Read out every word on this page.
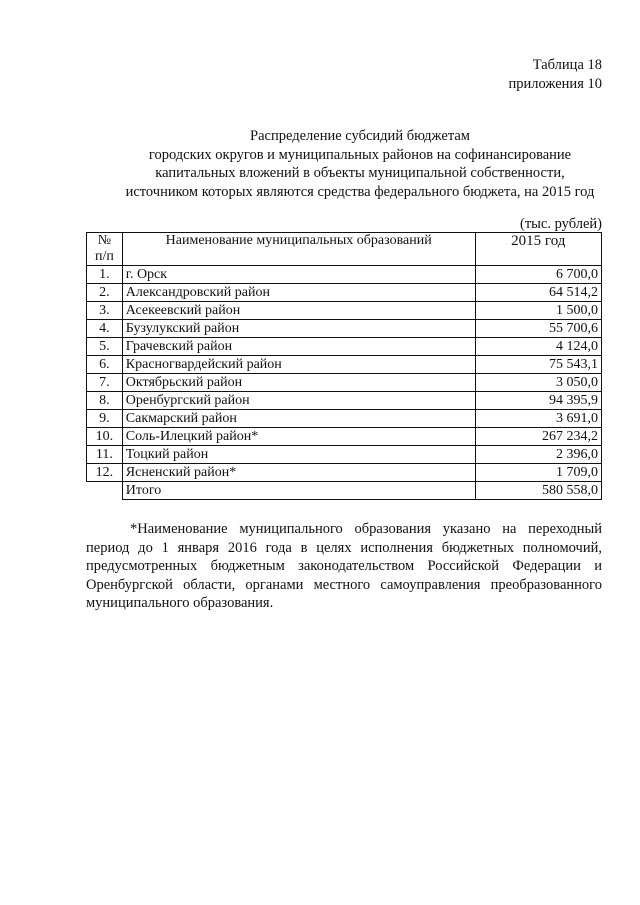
Таблица 18
приложения 10
Распределение субсидий бюджетам
городских округов и муниципальных районов на софинансирование
капитальных вложений в объекты муниципальной собственности,
источником которых являются средства федерального бюджета, на 2015 год
(тыс. рублей)
№
п/п	Наименование муниципальных образований	2015 год
1.	г. Орск	6 700,0
2.	Александровский район	64 514,2
3.	Асекеевский район	1 500,0
4.	Бузулукский район	55 700,6
5.	Грачевский район	4 124,0
6.	Красногвардейский район	75 543,1
7.	Октябрьский район	3 050,0
8.	Оренбургский район	94 395,9
9.	Сакмарский район	3 691,0
10.	Соль-Илецкий район*	267 234,2
11.	Тоцкий район	2 396,0
12.	Ясненский район*	1 709,0
	Итого	580 558,0
*Наименование муниципального образования указано на переходный период до 1 января 2016 года в целях исполнения бюджетных полномочий, предусмотренных бюджетным законодательством Российской Федерации и Оренбургской области, органами местного самоуправления преобразованного муниципального образования.
